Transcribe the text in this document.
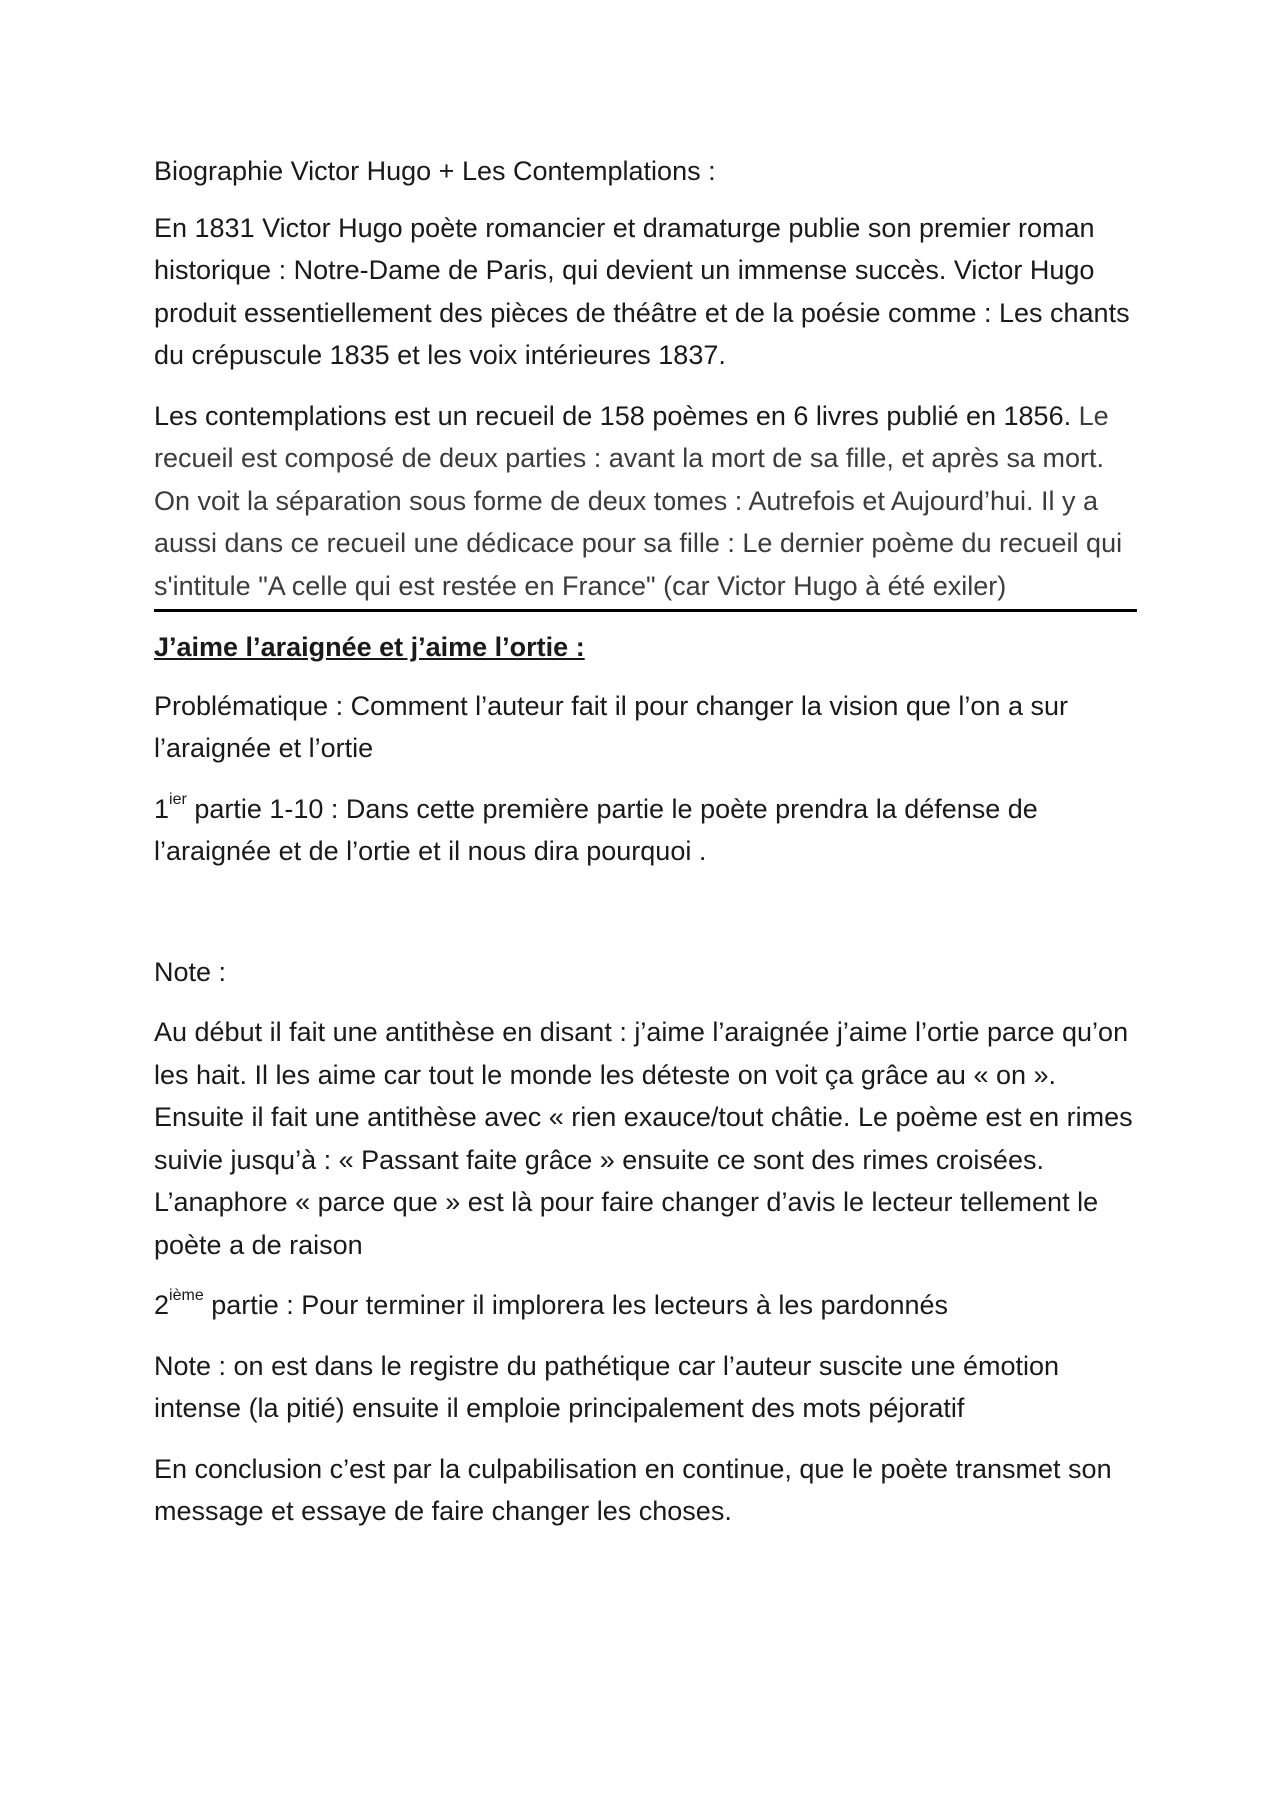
Biographie Victor Hugo + Les Contemplations :

En 1831 Victor Hugo poète romancier et dramaturge publie son premier roman historique : Notre-Dame de Paris, qui devient un immense succès. Victor Hugo produit essentiellement des pièces de théâtre et de la poésie comme : Les chants du crépuscule 1835 et les voix intérieures 1837.

Les contemplations est un recueil de 158 poèmes en 6 livres publié en 1856. Le recueil est composé de deux parties : avant la mort de sa fille, et après sa mort. On voit la séparation sous forme de deux tomes : Autrefois et Aujourd’hui. Il y a aussi dans ce recueil une dédicace pour sa fille : Le dernier poème du recueil qui s'intitule "A celle qui est restée en France" (car Victor Hugo à été exiler)

J’aime l’araignée et j’aime l’ortie :

Problématique : Comment l’auteur fait il pour changer la vision que l’on a sur l’araignée et l’ortie

$1^{ier}$ partie 1-10 : Dans cette première partie le poète prendra la défense de l’araignée et de l’ortie et il nous dira pourquoi .

Note :

Au début il fait une antithèse en disant : j’aime l’araignée j’aime l’ortie parce qu’on les hait. Il les aime car tout le monde les déteste on voit ça grâce au « on ». Ensuite il fait une antithèse avec « rien exauce/tout châtie. Le poème est en rimes suivie jusqu’à : « Passant faite grâce » ensuite ce sont des rimes croisées. L’anaphore « parce que » est là pour faire changer d’avis le lecteur tellement le poète a de raison

2ième partie : Pour terminer il implorera les lecteurs à les pardonnés

Note : on est dans le registre du pathétique car l’auteur suscite une émotion intense (la pitié) ensuite il emploie principalement des mots péjoratif

En conclusion c’est par la culpabilisation en continue, que le poète transmet son message et essaye de faire changer les choses.
